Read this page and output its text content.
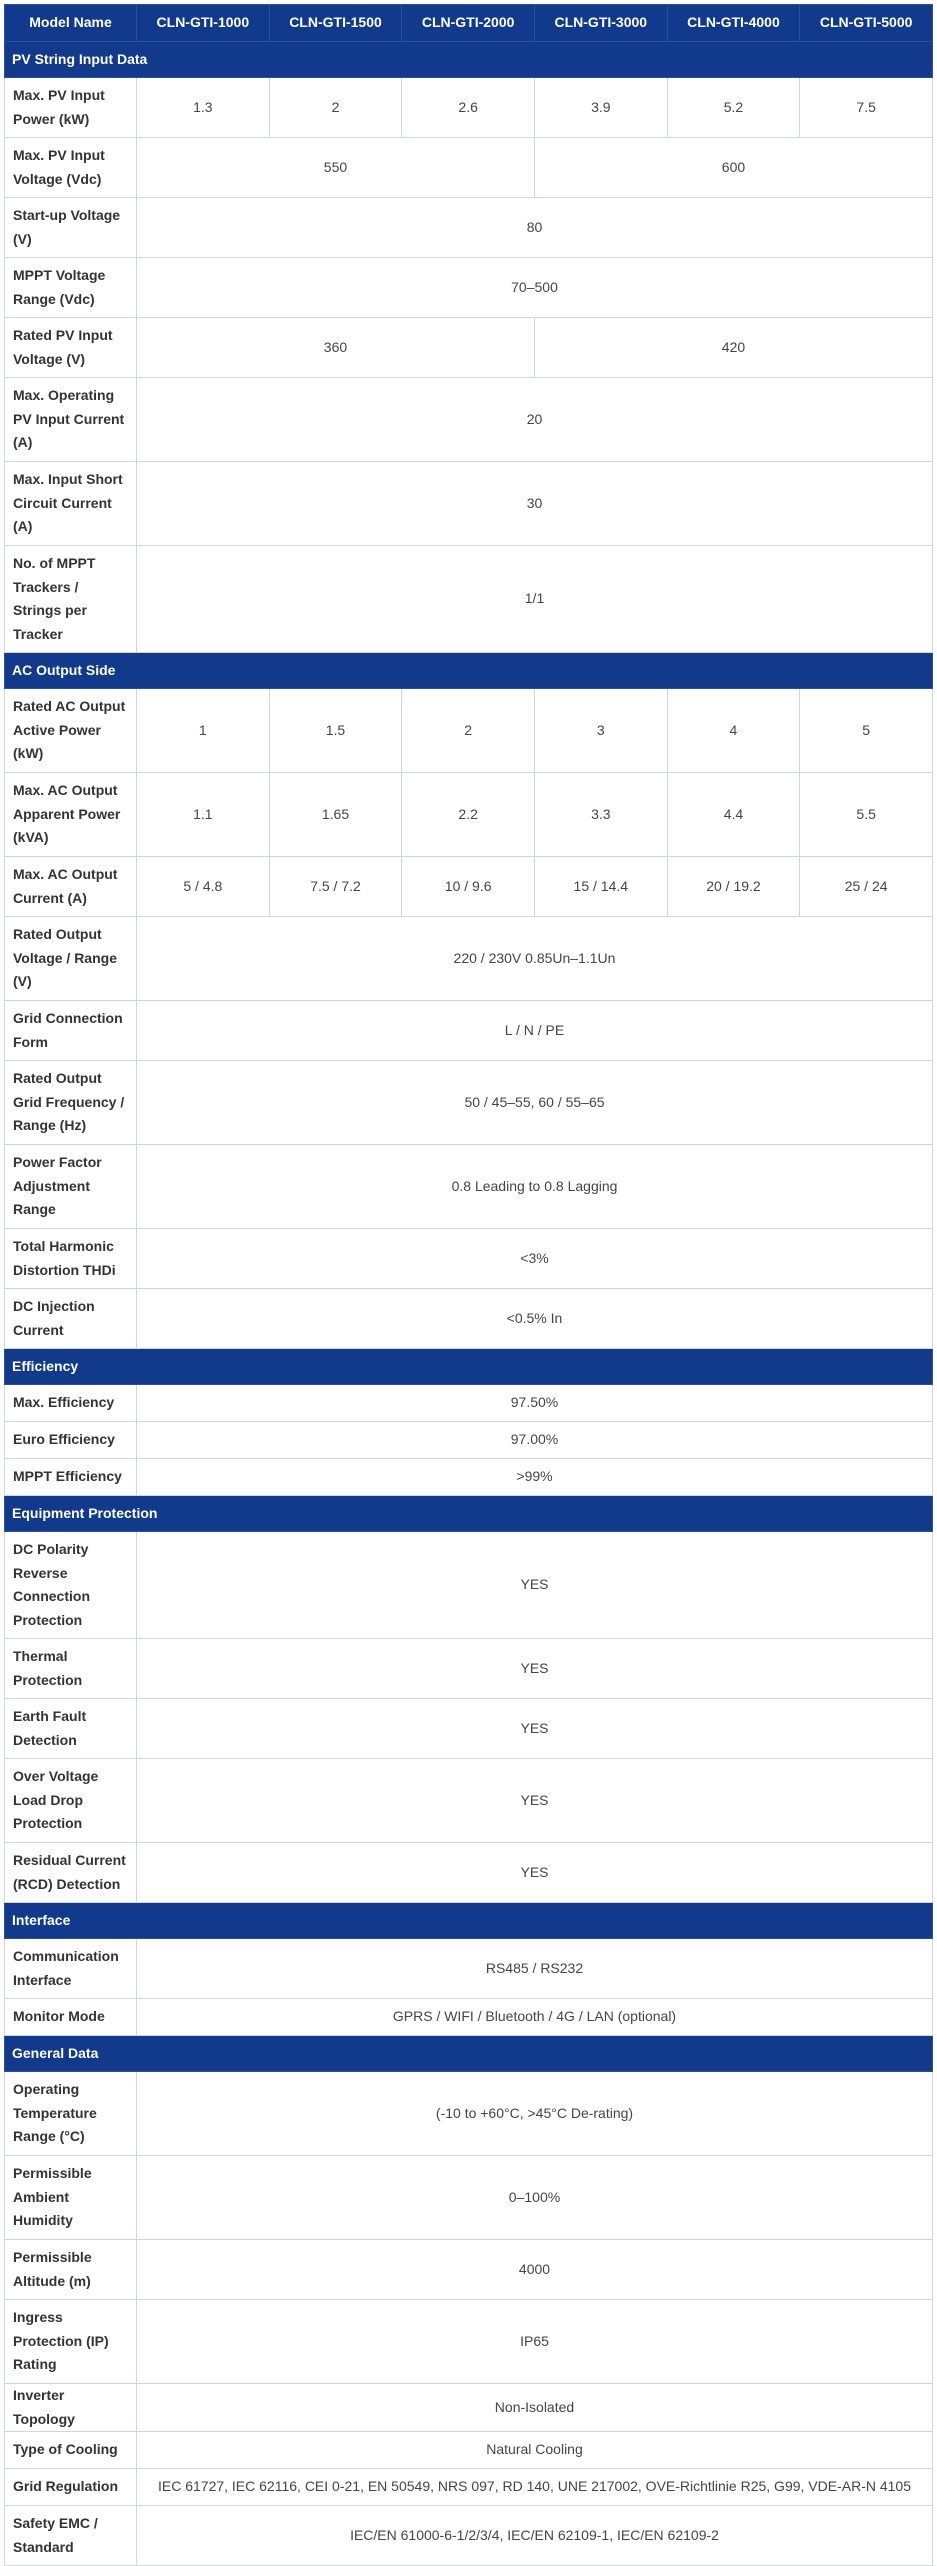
Model Name	CLN-GTI-1000	CLN-GTI-1500	CLN-GTI-2000	CLN-GTI-3000	CLN-GTI-4000	CLN-GTI-5000
PV String Input Data						
Max. PV Input Power (kW)	1.3	2	2.6	3.9	5.2	7.5
Max. PV Input Voltage (Vdc)	550			600		
Start-up Voltage (V)	80					
MPPT Voltage Range (Vdc)	70–500					
Rated PV Input Voltage (V)	360			420		
Max. Operating PV Input Current (A)	20					
Max. Input Short Circuit Current (A)	30					
No. of MPPT Trackers / Strings per Tracker	1/1					
AC Output Side						
Rated AC Output Active Power (kW)	1	1.5	2	3	4	5
Max. AC Output Apparent Power (kVA)	1.1	1.65	2.2	3.3	4.4	5.5
Max. AC Output Current (A)	5 / 4.8	7.5 / 7.2	10 / 9.6	15 / 14.4	20 / 19.2	25 / 24
Rated Output Voltage / Range (V)	220 / 230V 0.85Un–1.1Un					
Grid Connection Form	L / N / PE					
Rated Output Grid Frequency / Range (Hz)	50 / 45–55, 60 / 55–65					
Power Factor Adjustment Range	0.8 Leading to 0.8 Lagging					
Total Harmonic Distortion THDi	<3%					
DC Injection Current	<0.5% In					
Efficiency						
Max. Efficiency	97.50%					
Euro Efficiency	97.00%					
MPPT Efficiency	>99%					
Equipment Protection						
DC Polarity Reverse Connection Protection	YES					
Thermal Protection	YES					
Earth Fault Detection	YES					
Over Voltage Load Drop Protection	YES					
Residual Current (RCD) Detection	YES					
Interface						
Communication Interface	RS485 / RS232					
Monitor Mode	GPRS / WIFI / Bluetooth / 4G / LAN (optional)					
General Data						
Operating Temperature Range (°C)	(-10 to +60°C, >45°C De-rating)					
Permissible Ambient Humidity	0–100%					
Permissible Altitude (m)	4000					
Ingress Protection (IP) Rating	IP65					
Inverter Topology	Non-Isolated					
Type of Cooling	Natural Cooling					
Grid Regulation	IEC 61727, IEC 62116, CEI 0-21, EN 50549, NRS 097, RD 140, UNE 217002, OVE-Richtlinie R25, G99, VDE-AR-N 4105					
Safety EMC / Standard	IEC/EN 61000-6-1/2/3/4, IEC/EN 62109-1, IEC/EN 62109-2					
